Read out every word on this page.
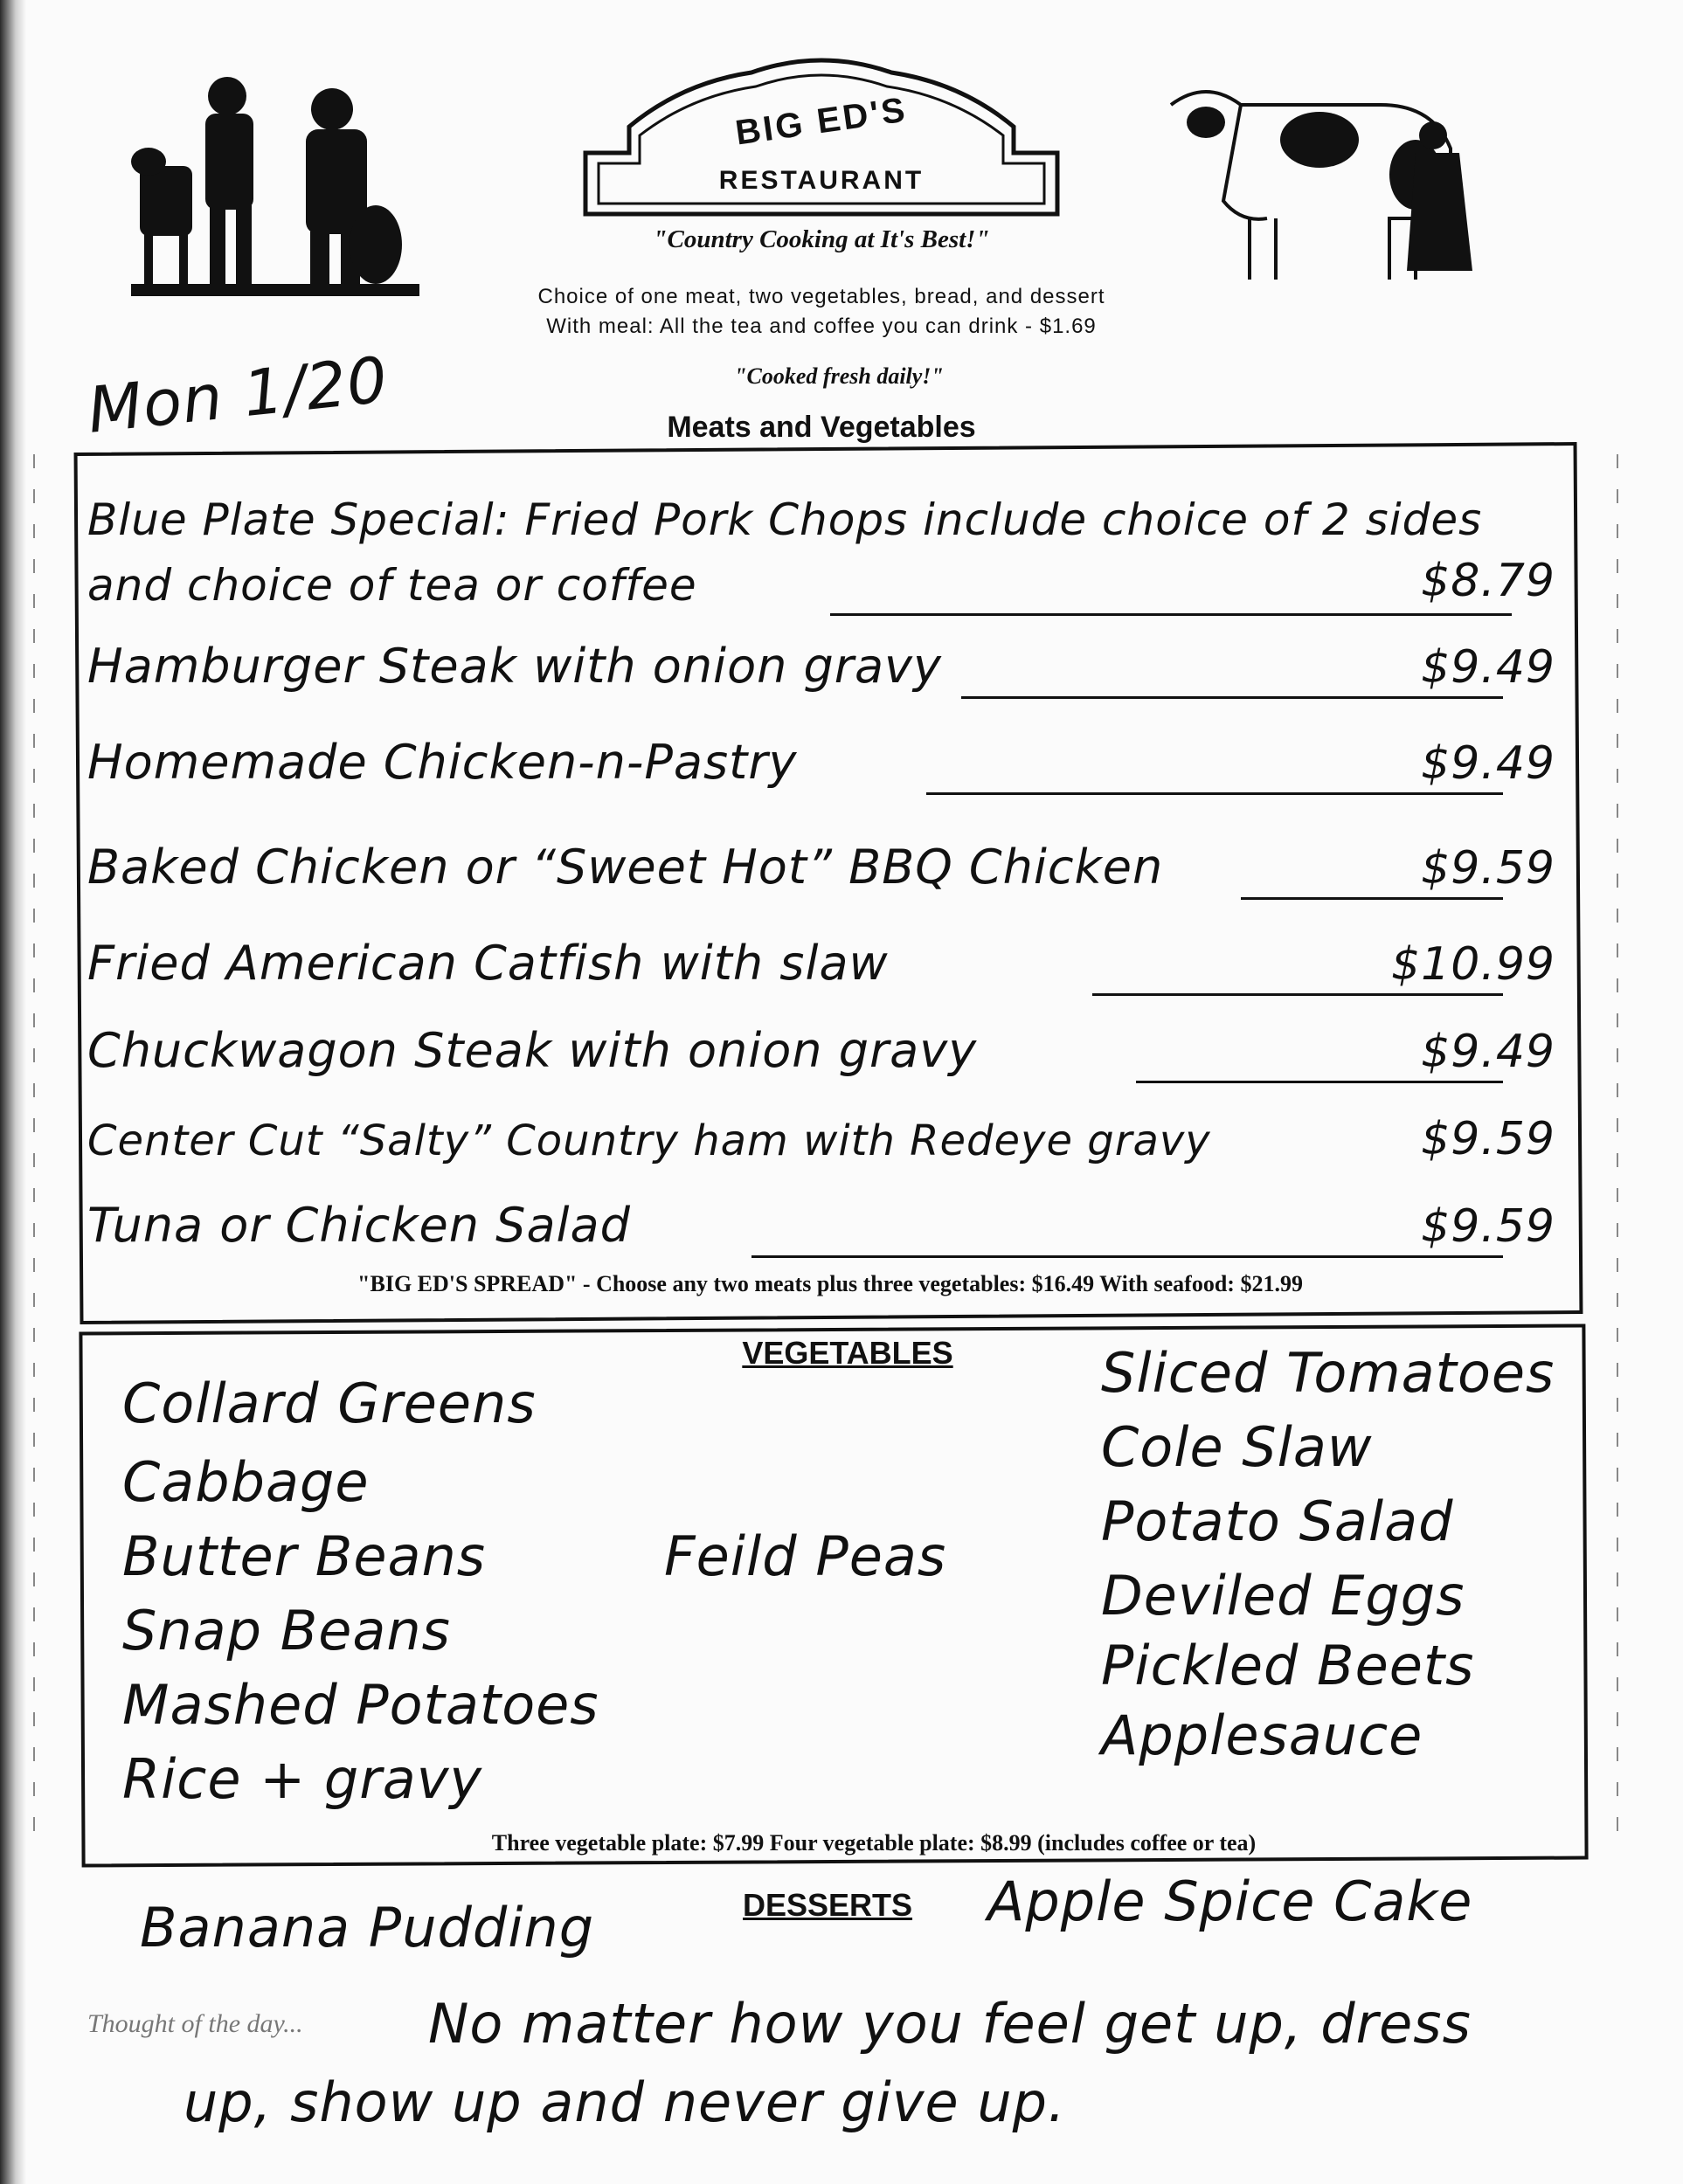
BIG ED'S
RESTAURANT
"Country Cooking at It's Best!"
Choice of one meat, two vegetables, bread, and dessert
With meal: All the tea and coffee you can drink - $1.69
"Cooked fresh daily!"
Mon 1/20	Meats and Vegetables
Blue Plate Special: Fried Pork Chops include choice of 2 sides
and choice of tea or coffee	$8.79
Hamburger Steak with onion gravy	$9.49
Homemade Chicken-n-Pastry	$9.49
Baked Chicken or “Sweet Hot” BBQ Chicken	$9.59
Fried American Catfish with slaw	$10.99
Chuckwagon Steak with onion gravy	$9.49
Center Cut “Salty” Country ham with Redeye gravy	$9.59
Tuna or Chicken Salad	$9.59
"BIG ED'S SPREAD" - Choose any two meats plus three vegetables: $16.49 With seafood: $21.99
VEGETABLES
Collard Greens
Cabbage
Butter Beans	Feild Peas
Snap Beans
Mashed Potatoes
Rice + gravy
Sliced Tomatoes
Cole Slaw
Potato Salad
Deviled Eggs
Pickled Beets
Applesauce
Three vegetable plate: $7.99 Four vegetable plate: $8.99 (includes coffee or tea)
DESSERTS
Banana Pudding	Apple Spice Cake
Thought of the day... No matter how you feel get up, dress
up, show up and never give up.
